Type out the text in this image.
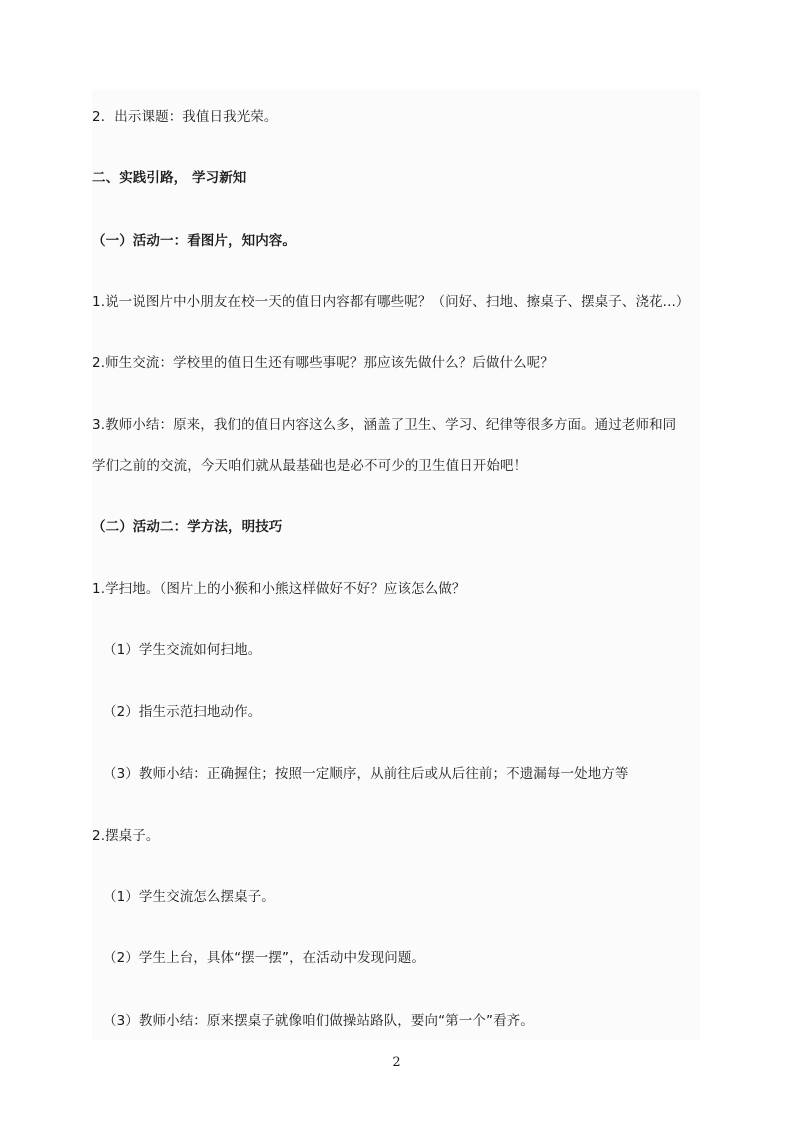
2．出示课题：我值日我光荣。
二、实践引路， 学习新知
（一）活动一：看图片，知内容。
1.说一说图片中小朋友在校一天的值日内容都有哪些呢？（问好、扫地、擦桌子、摆桌子、浇花...）
2.师生交流：学校里的值日生还有哪些事呢？那应该先做什么？后做什么呢？
3.教师小结：原来，我们的值日内容这么多，涵盖了卫生、学习、纪律等很多方面。通过老师和同
学们之前的交流，今天咱们就从最基础也是必不可少的卫生值日开始吧！
（二）活动二：学方法，明技巧
1.学扫地。（图片上的小猴和小熊这样做好不好？应该怎么做？
（1）学生交流如何扫地。
（2）指生示范扫地动作。
（3）教师小结：正确握住；按照一定顺序，从前往后或从后往前；不遗漏每一处地方等
2.摆桌子。
（1）学生交流怎么摆桌子。
（2）学生上台，具体“摆一摆”，在活动中发现问题。
（3）教师小结：原来摆桌子就像咱们做操站路队，要向“第一个”看齐。
2
